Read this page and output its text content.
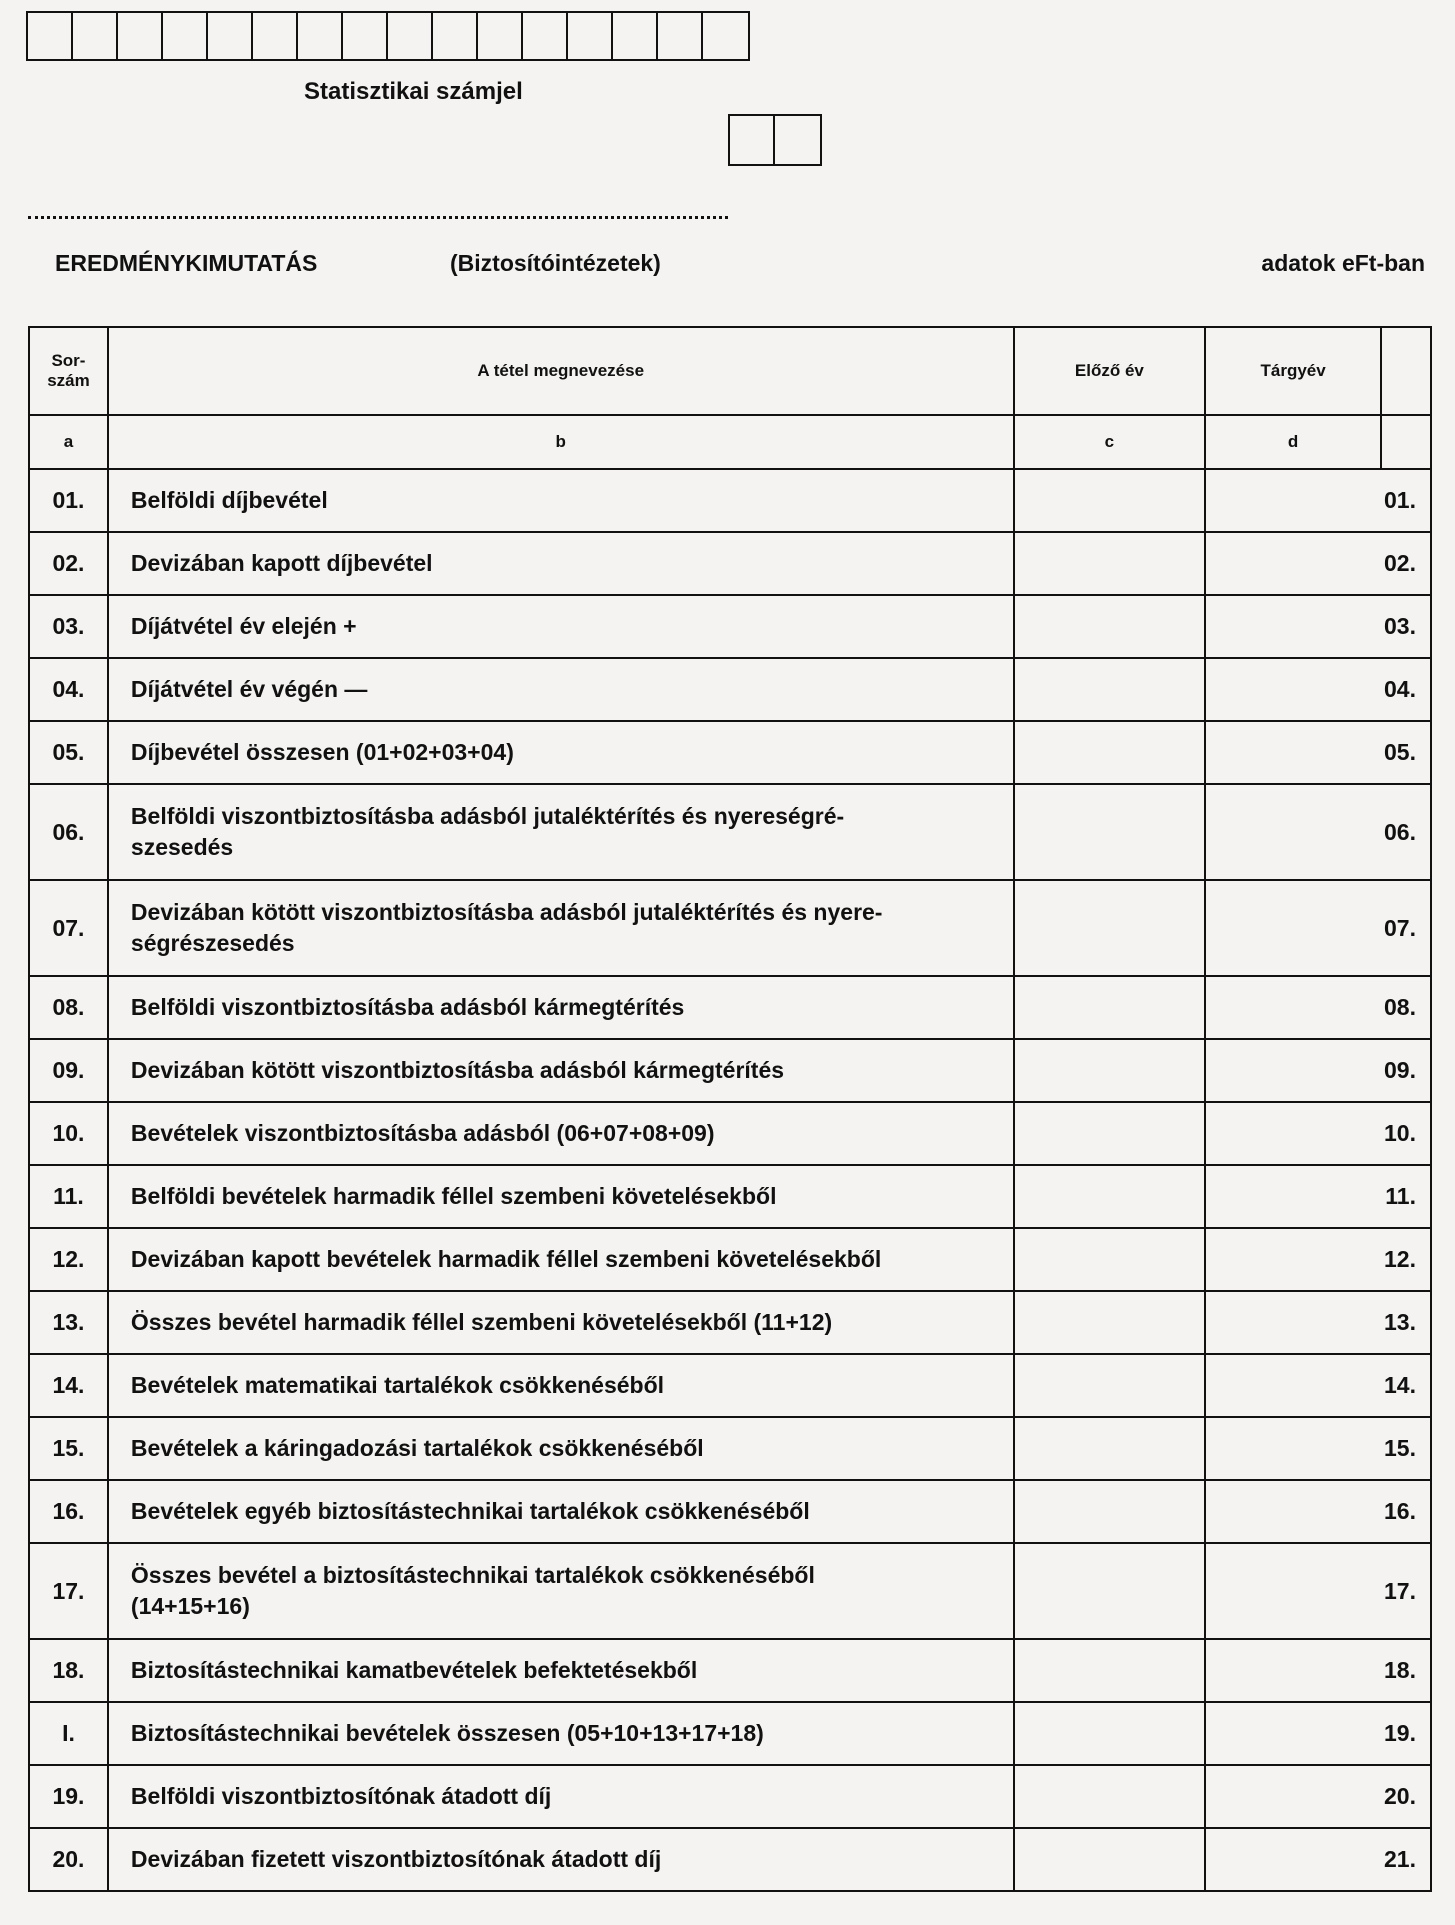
Statisztikai számjel
EREDMÉNYKIMUTATÁS	(Biztosítóintézetek)	adatok eFt-ban
Sor-
szám	A tétel megnevezése	Előző év	Tárgyév	
a	b	c	d	
01.	Belföldi díjbevétel			01.
02.	Devizában kapott díjbevétel			02.
03.	Díjátvétel év elején +			03.
04.	Díjátvétel év végén —			04.
05.	Díjbevétel összesen (01+02+03+04)			05.
06.	Belföldi viszontbiztosításba adásból jutaléktérítés és nyereségré-
szesedés			06.
07.	Devizában kötött viszontbiztosításba adásból jutaléktérítés és nyere-
ségrészesedés			07.
08.	Belföldi viszontbiztosításba adásból kármegtérítés			08.
09.	Devizában kötött viszontbiztosításba adásból kármegtérítés			09.
10.	Bevételek viszontbiztosításba adásból (06+07+08+09)			10.
11.	Belföldi bevételek harmadik féllel szembeni követelésekből			11.
12.	Devizában kapott bevételek harmadik féllel szembeni követelésekből			12.
13.	Összes bevétel harmadik féllel szembeni követelésekből (11+12)			13.
14.	Bevételek matematikai tartalékok csökkenéséből			14.
15.	Bevételek a káringadozási tartalékok csökkenéséből			15.
16.	Bevételek egyéb biztosítástechnikai tartalékok csökkenéséből			16.
17.	Összes bevétel a biztosítástechnikai tartalékok csökkenéséből
(14+15+16)			17.
18.	Biztosítástechnikai kamatbevételek befektetésekből			18.
I.	Biztosítástechnikai bevételek összesen (05+10+13+17+18)			19.
19.	Belföldi viszontbiztosítónak átadott díj			20.
20.	Devizában fizetett viszontbiztosítónak átadott díj			21.
